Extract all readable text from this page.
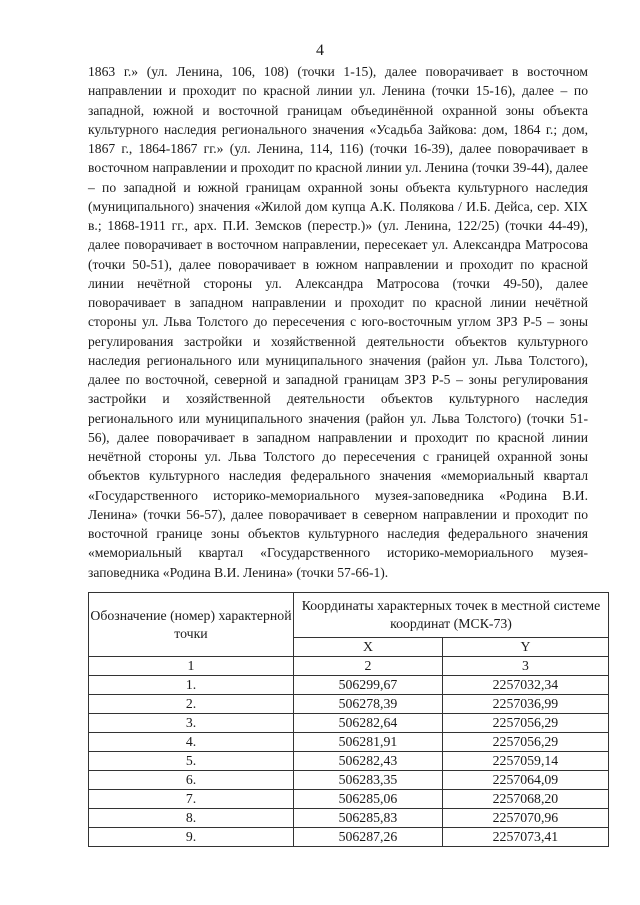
4
1863 г.» (ул. Ленина, 106, 108) (точки 1-15), далее поворачивает в восточном направлении и проходит по красной линии ул. Ленина (точки 15-16), далее – по западной, южной и восточной границам объединённой охранной зоны объекта культурного наследия регионального значения «Усадьба Зайкова: дом, 1864 г.; дом, 1867 г., 1864-1867 гг.» (ул. Ленина, 114, 116) (точки 16-39), далее поворачивает в восточном направлении и проходит по красной линии ул. Ленина (точки 39-44), далее – по западной и южной границам охранной зоны объекта культурного наследия (муниципального) значения «Жилой дом купца А.К. Полякова / И.Б. Дейса, сер. XIX в.; 1868-1911 гг., арх. П.И. Земсков (перестр.)» (ул. Ленина, 122/25) (точки 44-49), далее поворачивает в восточном направлении, пересекает ул. Александра Матросова (точки 50-51), далее поворачивает в южном направлении и проходит по красной линии нечётной стороны ул. Александра Матросова (точки 49-50), далее поворачивает в западном направлении и проходит по красной линии нечётной стороны ул. Льва Толстого до пересечения с юго-восточным углом ЗРЗ Р-5 – зоны регулирования застройки и хозяйственной деятельности объектов культурного наследия регионального или муниципального значения (район ул. Льва Толстого), далее по восточной, северной и западной границам ЗРЗ Р-5 – зоны регулирования застройки и хозяйственной деятельности объектов культурного наследия регионального или муниципального значения (район ул. Льва Толстого) (точки 51-56), далее поворачивает в западном направлении и проходит по красной линии нечётной стороны ул. Льва Толстого до пересечения с границей охранной зоны объектов культурного наследия федерального значения «мемориальный квартал «Государственного историко-мемориального музея-заповедника «Родина В.И. Ленина» (точки 56-57), далее поворачивает в северном направлении и проходит по восточной границе зоны объектов культурного наследия федерального значения «мемориальный квартал «Государственного историко-мемориального музея-заповедника «Родина В.И. Ленина» (точки 57-66-1).
Обозначение (номер) характерной точки	Координаты характерных точек в местной системе координат (МСК-73)	
	X	Y
1	2	3
1.	506299,67	2257032,34
2.	506278,39	2257036,99
3.	506282,64	2257056,29
4.	506281,91	2257056,29
5.	506282,43	2257059,14
6.	506283,35	2257064,09
7.	506285,06	2257068,20
8.	506285,83	2257070,96
9.	506287,26	2257073,41
